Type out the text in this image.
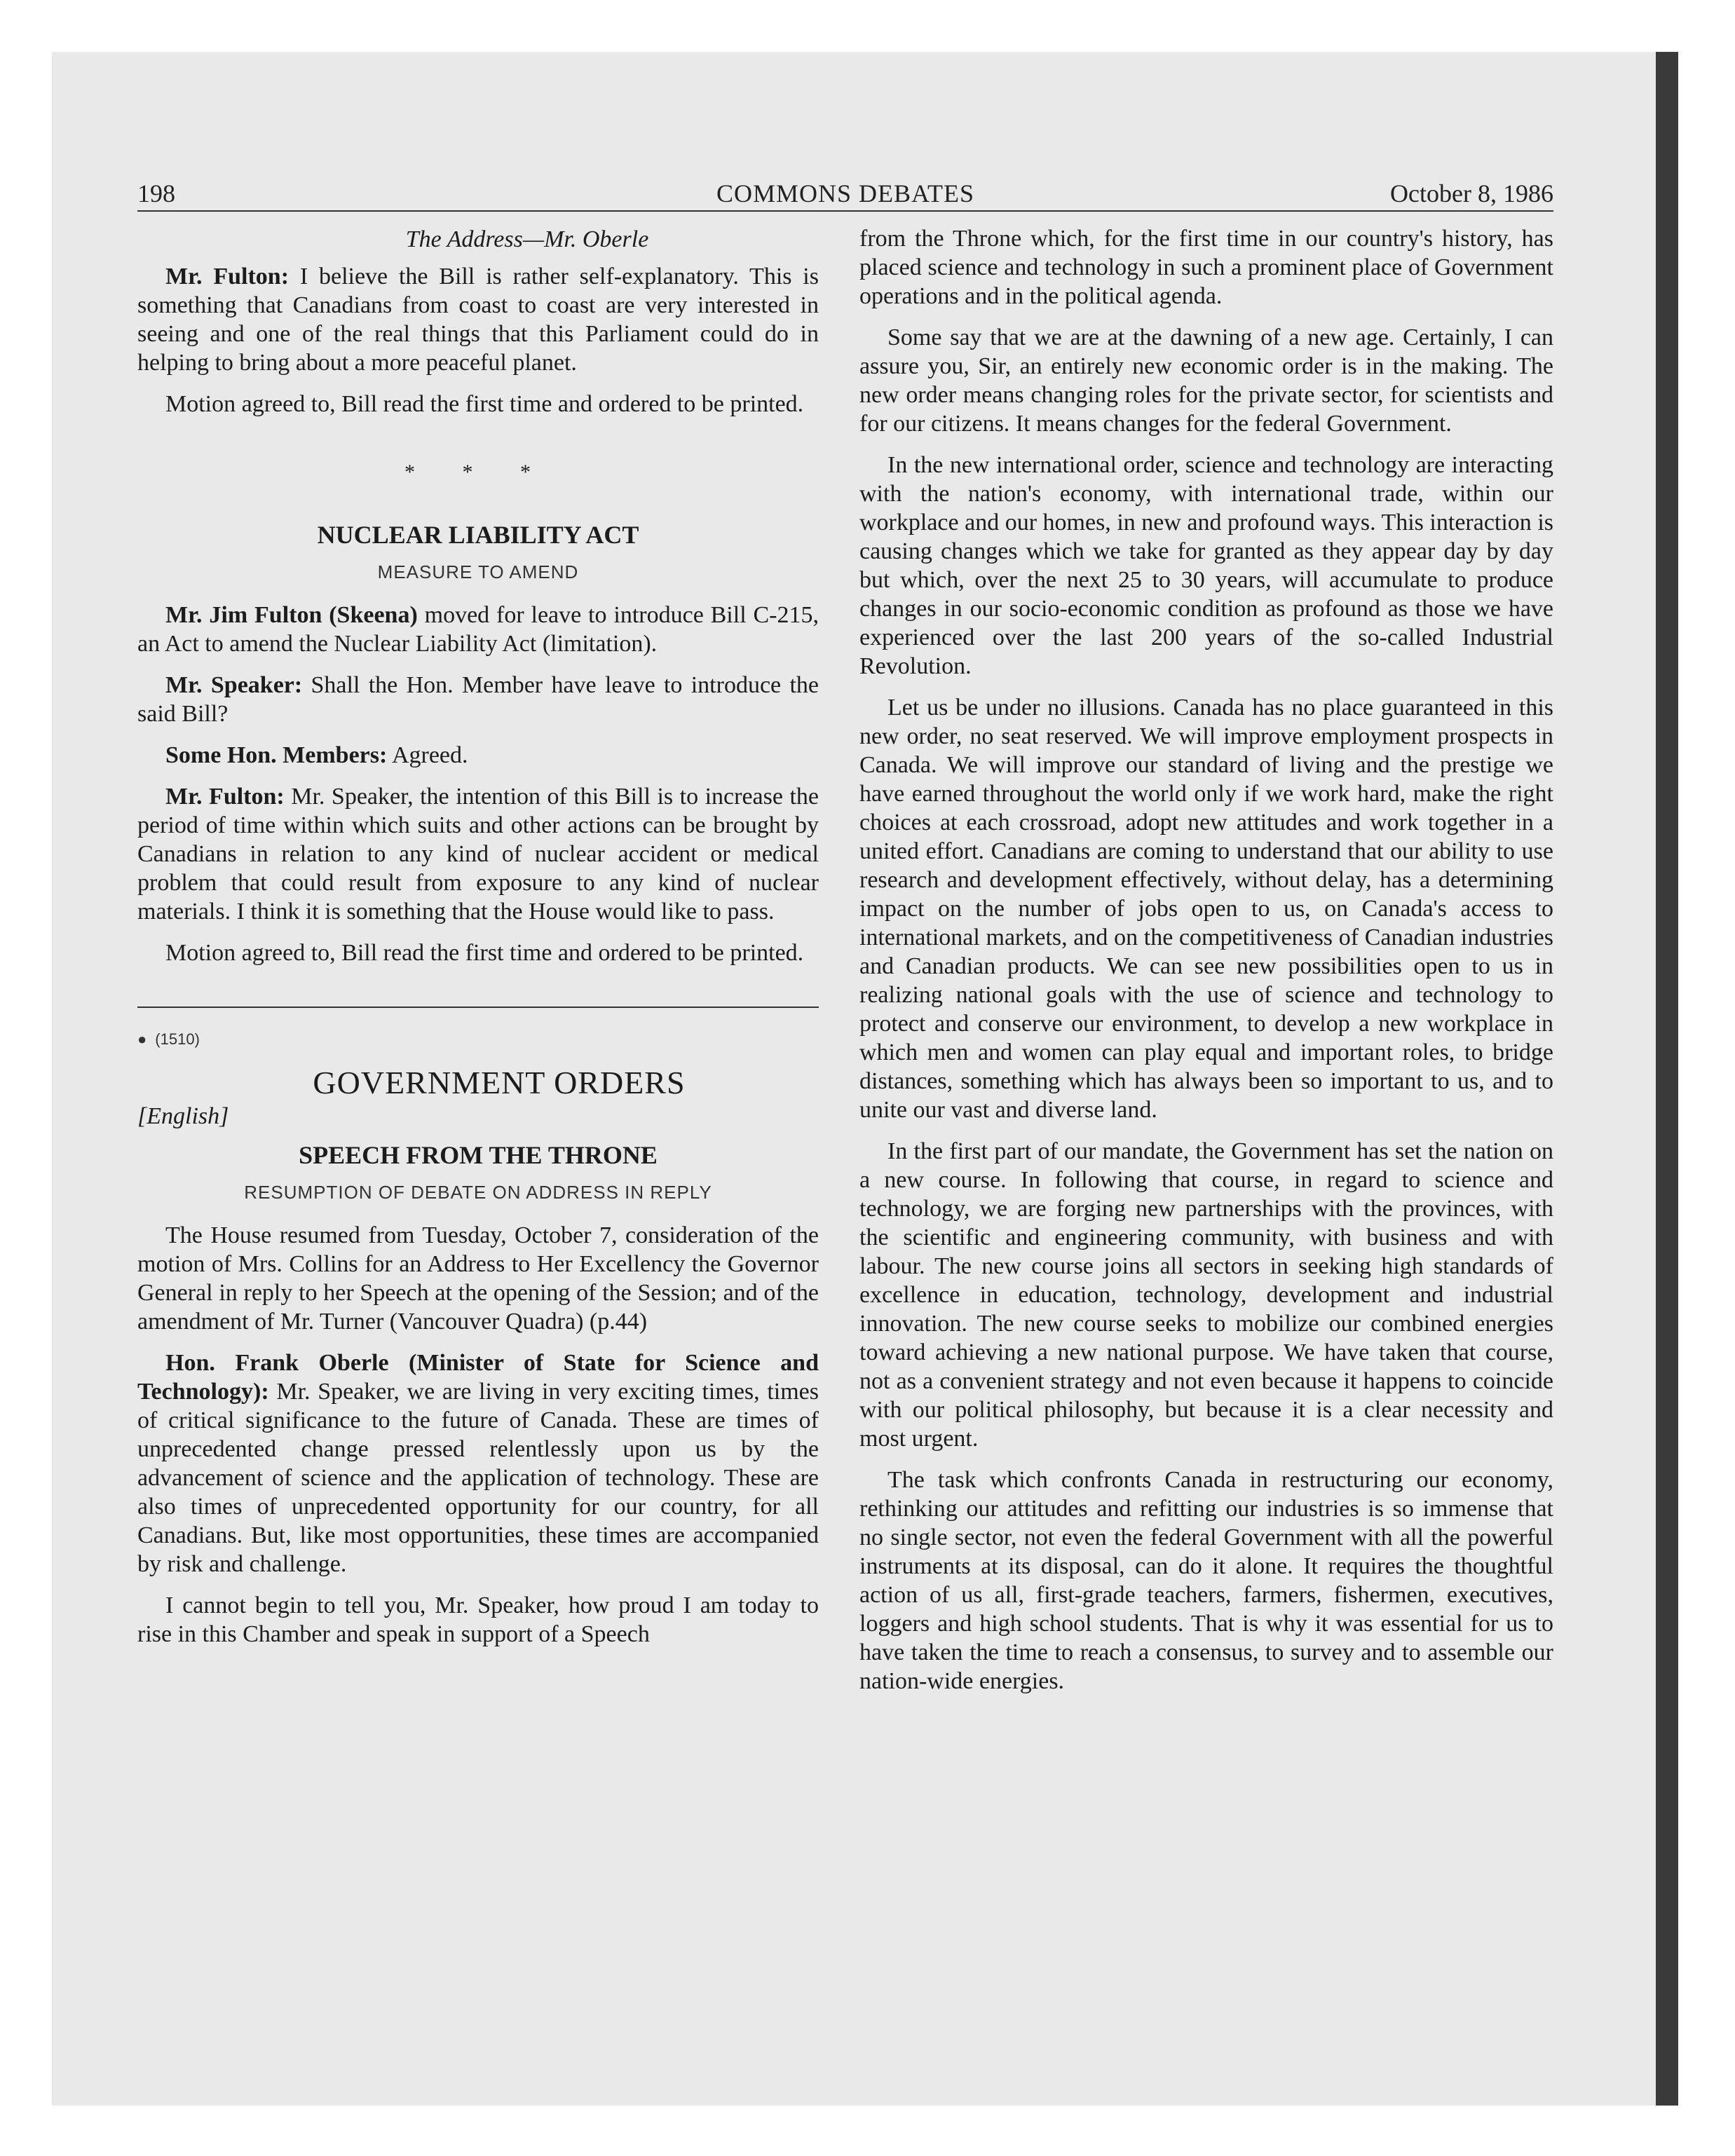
198	COMMONS DEBATES	October 8, 1986
The Address—Mr. Oberle

Mr. Fulton: I believe the Bill is rather self-explanatory. This is something that Canadians from coast to coast are very interested in seeing and one of the real things that this Parliament could do in helping to bring about a more peaceful planet.

Motion agreed to, Bill read the first time and ordered to be printed.

* * *
NUCLEAR LIABILITY ACT
MEASURE TO AMEND

Mr. Jim Fulton (Skeena) moved for leave to introduce Bill C-215, an Act to amend the Nuclear Liability Act (limitation).

Mr. Speaker: Shall the Hon. Member have leave to introduce the said Bill?

Some Hon. Members: Agreed.

Mr. Fulton: Mr. Speaker, the intention of this Bill is to increase the period of time within which suits and other actions can be brought by Canadians in relation to any kind of nuclear accident or medical problem that could result from exposure to any kind of nuclear materials. I think it is something that the House would like to pass.

Motion agreed to, Bill read the first time and ordered to be printed.

● (1510)
GOVERNMENT ORDERS
[English]
SPEECH FROM THE THRONE
RESUMPTION OF DEBATE ON ADDRESS IN REPLY

The House resumed from Tuesday, October 7, consideration of the motion of Mrs. Collins for an Address to Her Excellency the Governor General in reply to her Speech at the opening of the Session; and of the amendment of Mr. Turner (Vancouver Quadra) (p.44)

Hon. Frank Oberle (Minister of State for Science and Technology): Mr. Speaker, we are living in very exciting times, times of critical significance to the future of Canada. These are times of unprecedented change pressed relentlessly upon us by the advancement of science and the application of technology. These are also times of unprecedented opportunity for our country, for all Canadians. But, like most opportunities, these times are accompanied by risk and challenge.

I cannot begin to tell you, Mr. Speaker, how proud I am today to rise in this Chamber and speak in support of a Speech

from the Throne which, for the first time in our country's history, has placed science and technology in such a prominent place of Government operations and in the political agenda.

Some say that we are at the dawning of a new age. Certainly, I can assure you, Sir, an entirely new economic order is in the making. The new order means changing roles for the private sector, for scientists and for our citizens. It means changes for the federal Government.

In the new international order, science and technology are interacting with the nation's economy, with international trade, within our workplace and our homes, in new and profound ways. This interaction is causing changes which we take for granted as they appear day by day but which, over the next 25 to 30 years, will accumulate to produce changes in our socio-economic condition as profound as those we have experienced over the last 200 years of the so-called Industrial Revolution.

Let us be under no illusions. Canada has no place guaranteed in this new order, no seat reserved. We will improve employment prospects in Canada. We will improve our standard of living and the prestige we have earned throughout the world only if we work hard, make the right choices at each crossroad, adopt new attitudes and work together in a united effort. Canadians are coming to understand that our ability to use research and development effectively, without delay, has a determining impact on the number of jobs open to us, on Canada's access to international markets, and on the competitiveness of Canadian industries and Canadian products. We can see new possibilities open to us in realizing national goals with the use of science and technology to protect and conserve our environment, to develop a new workplace in which men and women can play equal and important roles, to bridge distances, something which has always been so important to us, and to unite our vast and diverse land.

In the first part of our mandate, the Government has set the nation on a new course. In following that course, in regard to science and technology, we are forging new partnerships with the provinces, with the scientific and engineering community, with business and with labour. The new course joins all sectors in seeking high standards of excellence in education, technology, development and industrial innovation. The new course seeks to mobilize our combined energies toward achieving a new national purpose. We have taken that course, not as a convenient strategy and not even because it happens to coincide with our political philosophy, but because it is a clear necessity and most urgent.

The task which confronts Canada in restructuring our economy, rethinking our attitudes and refitting our industries is so immense that no single sector, not even the federal Government with all the powerful instruments at its disposal, can do it alone. It requires the thoughtful action of us all, first-grade teachers, farmers, fishermen, executives, loggers and high school students. That is why it was essential for us to have taken the time to reach a consensus, to survey and to assemble our nation-wide energies.
